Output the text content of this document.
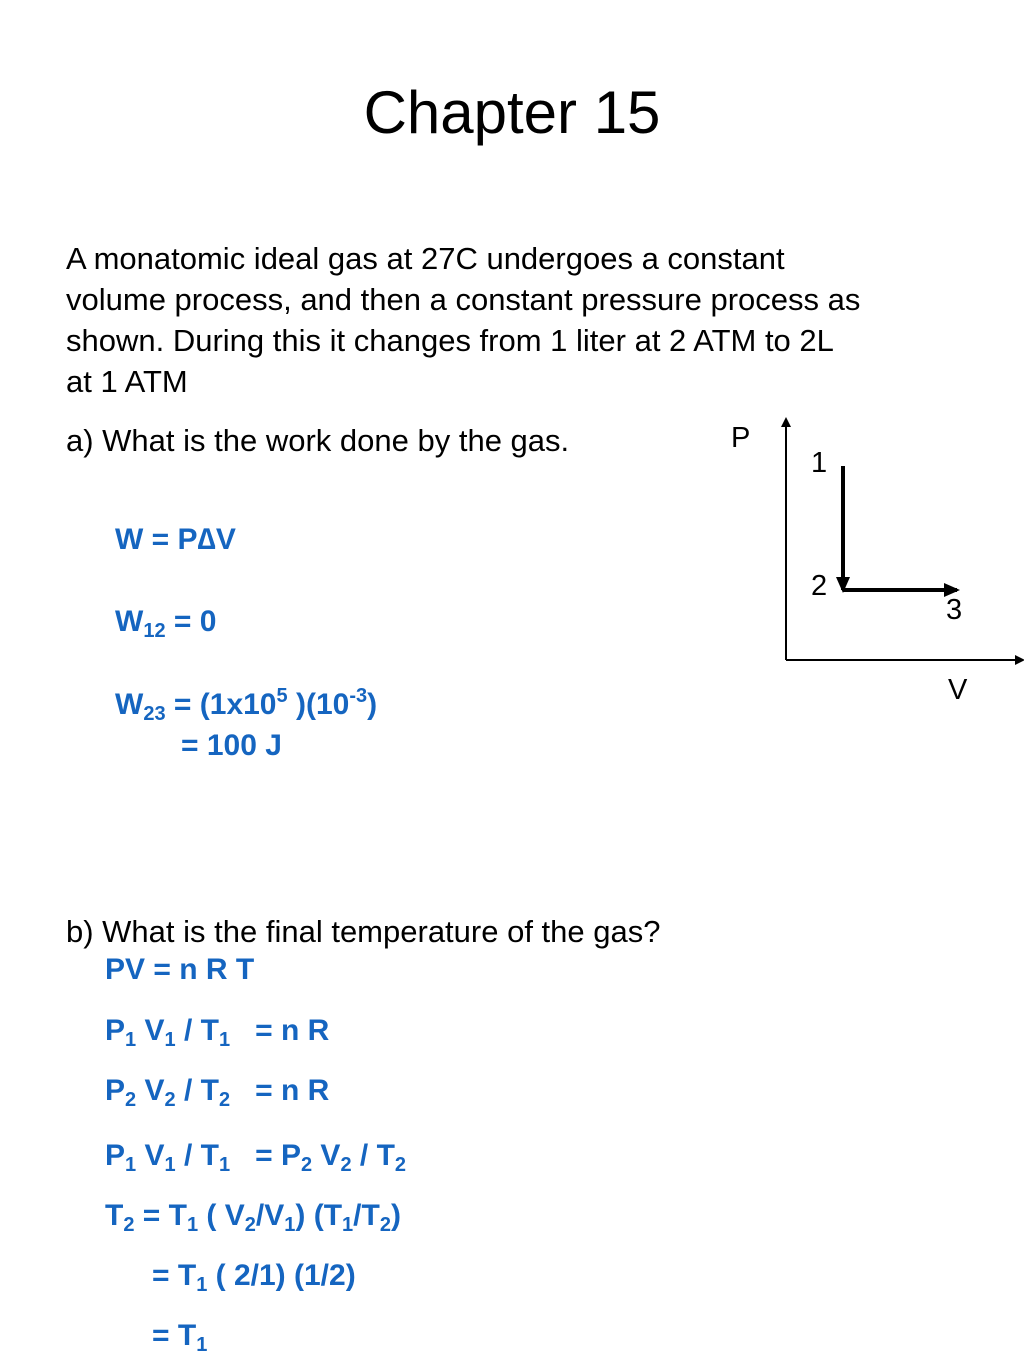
Chapter 15
A monatomic ideal gas at 27C undergoes a constant
volume process, and then a constant pressure process as
shown. During this it changes from 1 liter at 2 ATM to 2L
at 1 ATM
a) What is the work done by the gas.
W = P∆V
$W_{12} = 0$
$W_{23} = (1x10^5$ )$(10^{-3})$
= 100 J
b) What is the final temperature of the gas?
PV = n R T
$P_1$ $V_1 / T_1 = n$ R
$P_2$ $V_2 / T_2 = n$ R
$P_1$ $V_1 / T_1 = P_2$ $V_2 / T_2$
$T_2 = T_1$ ( $V_2/V_1$) $(T_1/T_2)$
= $T_1$ ( 2/1) (1/2)
= $T_1$
P
V
1
2
3
